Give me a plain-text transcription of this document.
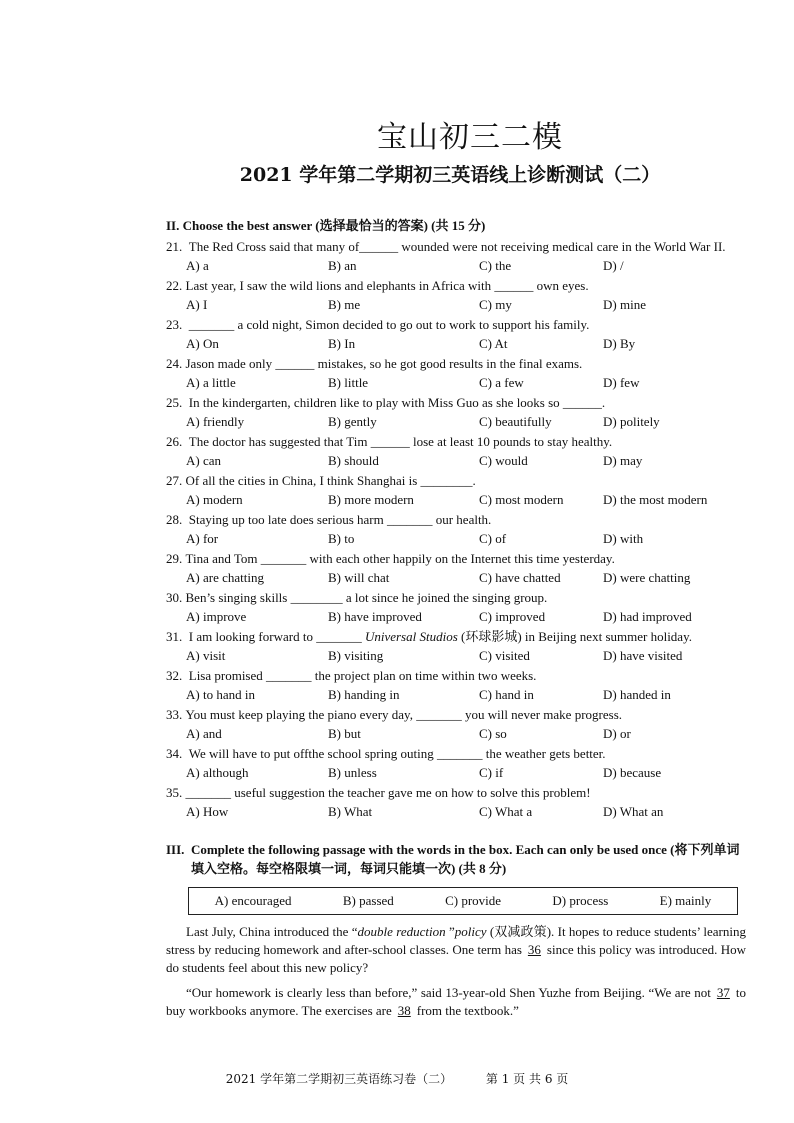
宝山初三二模
2021 学年第二学期初三英语线上诊断测试（二）
II. Choose the best answer (选择最恰当的答案) (共 15 分)
21. The Red Cross said that many of______ wounded were not receiving medical care in the World War II.
A) a	B) an	C) the	D) /
22. Last year, I saw the wild lions and elephants in Africa with ______ own eyes.
A) I	B) me	C) my	D) mine
23. _______ a cold night, Simon decided to go out to work to support his family.
A) On	B) In	C) At	D) By
24. Jason made only ______ mistakes, so he got good results in the final exams.
A) a little	B) little	C) a few	D) few
25. In the kindergarten, children like to play with Miss Guo as she looks so ______.
A) friendly	B) gently	C) beautifully	D) politely
26. The doctor has suggested that Tim ______ lose at least 10 pounds to stay healthy.
A) can	B) should	C) would	D) may
27. Of all the cities in China, I think Shanghai is ________.
A) modern	B) more modern	C) most modern	D) the most modern
28. Staying up too late does serious harm _______ our health.
A) for	B) to	C) of	D) with
29. Tina and Tom _______ with each other happily on the Internet this time yesterday.
A) are chatting	B) will chat	C) have chatted	D) were chatting
30. Ben’s singing skills ________ a lot since he joined the singing group.
A) improve	B) have improved	C) improved	D) had improved
31. I am looking forward to _______ Universal Studios (环球影城) in Beijing next summer holiday.
A) visit	B) visiting	C) visited	D) have visited
32. Lisa promised _______ the project plan on time within two weeks.
A) to hand in	B) handing in	C) hand in	D) handed in
33. You must keep playing the piano every day, _______ you will never make progress.
A) and	B) but	C) so	D) or
34. We will have to put offthe school spring outing _______ the weather gets better.
A) although	B) unless	C) if	D) because
35. _______ useful suggestion the teacher gave me on how to solve this problem!
A) How	B) What	C) What a	D) What an
III. Complete the following passage with the words in the box. Each can only be used once (将下列单词填入空格。每空格限填一词，每词只能填一次) (共 8 分)
A) encouraged	B) passed	C) provide	D) process	E) mainly

Last July, China introduced the “double reduction ”policy (双减政策). It hopes to reduce students’ learning stress by reducing homework and after-school classes. One term has 36 since this policy was introduced. How do students feel about this new policy?

“Our homework is clearly less than before,” said 13-year-old Shen Yuzhe from Beijing. “We are not 37 to buy workbooks anymore. The exercises are 38 from the textbook.”

2021 学年第二学期初三英语练习卷（二）	第 1 页 共 6 页
